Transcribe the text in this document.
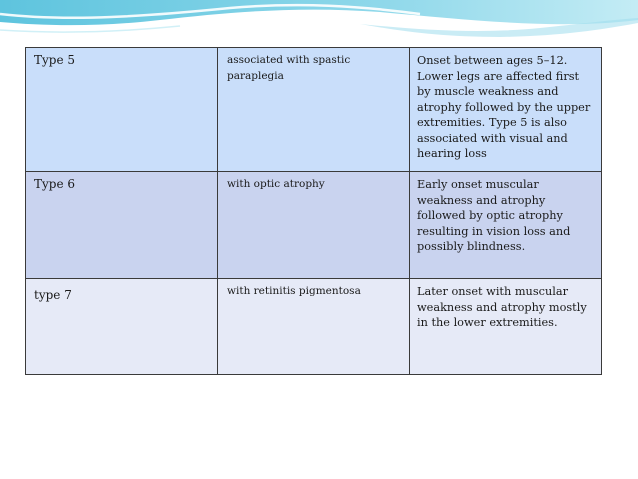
Type 5	associated with spastic paraplegia	Onset between ages 5–12. Lower legs are affected first by muscle weakness and atrophy followed by the upper extremities. Type 5 is also associated with visual and hearing loss
Type 6	with optic atrophy	Early onset muscular weakness and atrophy followed by optic atrophy resulting in vision loss and possibly blindness.
type 7	with retinitis pigmentosa	Later onset with muscular weakness and atrophy mostly in the lower extremities.
